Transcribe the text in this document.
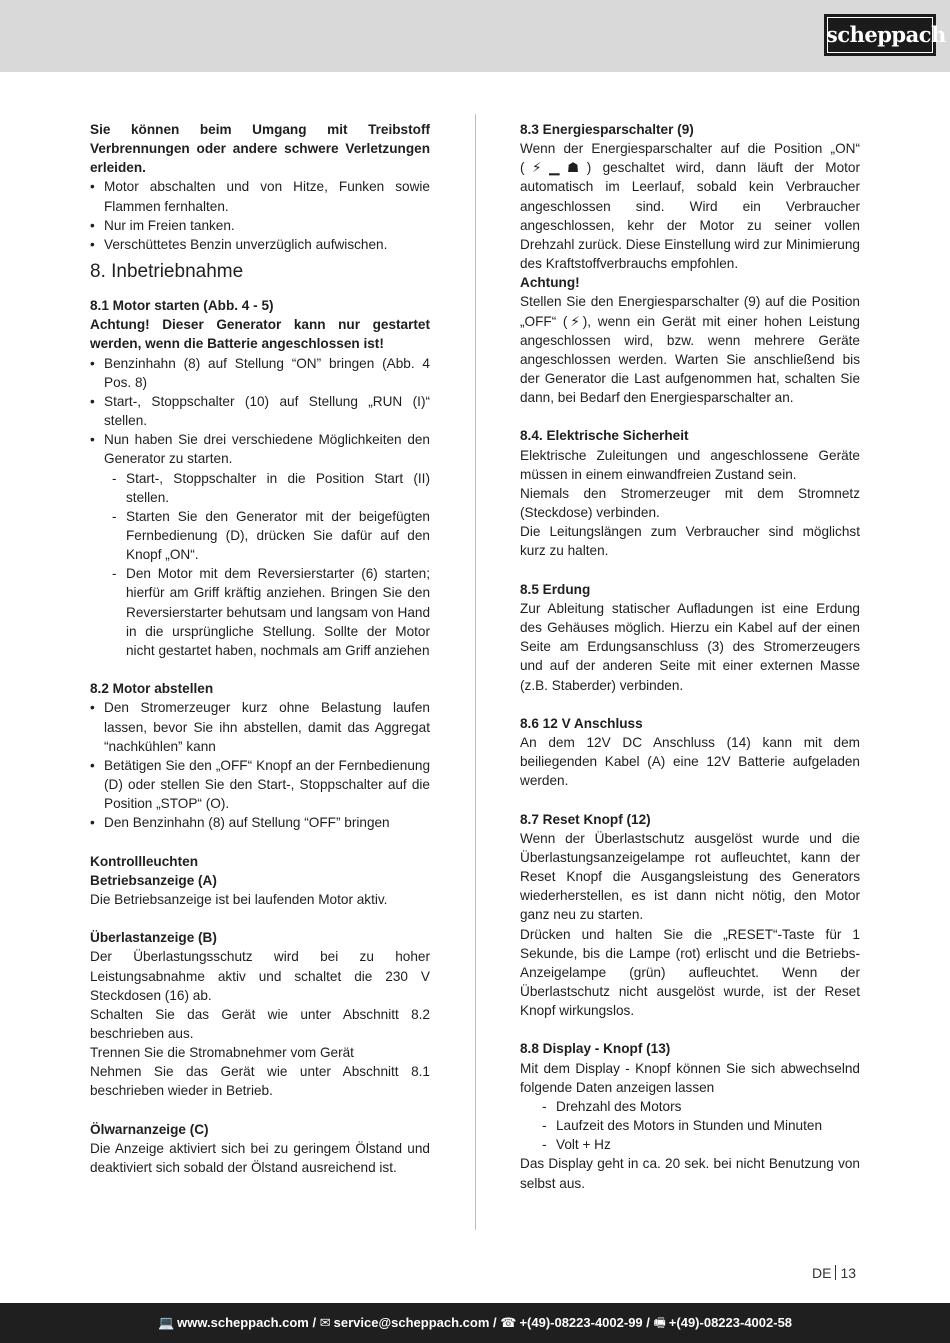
scheppach

Sie können beim Umgang mit Treibstoff Verbrennungen oder andere schwere Verletzungen erleiden.

• Motor abschalten und von Hitze, Funken sowie Flammen fernhalten.
• Nur im Freien tanken.
• Verschüttetes Benzin unverzüglich aufwischen.
8. Inbetriebnahme

8.1 Motor starten (Abb. 4 - 5)

Achtung! Dieser Generator kann nur gestartet werden, wenn die Batterie angeschlossen ist!

• Benzinhahn (8) auf Stellung “ON” bringen (Abb. 4 Pos. 8)
• Start-, Stoppschalter (10) auf Stellung „RUN (I)“ stellen.
• Nun haben Sie drei verschiedene Möglichkeiten den Generator zu starten.
- Start-, Stoppschalter in die Position Start (II) stellen.
- Starten Sie den Generator mit der beigefügten Fernbedienung (D), drücken Sie dafür auf den Knopf „ON“.
- Den Motor mit dem Reversierstarter (6) starten; hierfür am Griff kräftig anziehen. Bringen Sie den Reversierstarter behutsam und langsam von Hand in die ursprüngliche Stellung. Sollte der Motor nicht gestartet haben, nochmals am Griff anziehen

8.2 Motor abstellen

• Den Stromerzeuger kurz ohne Belastung laufen lassen, bevor Sie ihn abstellen, damit das Aggregat “nachkühlen” kann
• Betätigen Sie den „OFF“ Knopf an der Fernbedienung (D) oder stellen Sie den Start-, Stoppschalter auf die Position „STOP“ (O).
• Den Benzinhahn (8) auf Stellung “OFF” bringen

Kontrollleuchten

Betriebsanzeige (A)

Die Betriebsanzeige ist bei laufenden Motor aktiv.

Überlastanzeige (B)

Der Überlastungsschutz wird bei zu hoher Leistungsabnahme aktiv und schaltet die 230 V Steckdosen (16) ab.

Schalten Sie das Gerät wie unter Abschnitt 8.2 beschrieben aus.

Trennen Sie die Stromabnehmer vom Gerät

Nehmen Sie das Gerät wie unter Abschnitt 8.1 beschrieben wieder in Betrieb.

Ölwarnanzeige (C)

Die Anzeige aktiviert sich bei zu geringem Ölstand und deaktiviert sich sobald der Ölstand ausreichend ist.

8.3 Energiesparschalter (9)

Wenn der Energiesparschalter auf die Position „ON“ (⚡︎▁☗) geschaltet wird, dann läuft der Motor automatisch im Leerlauf, sobald kein Verbraucher angeschlossen sind. Wird ein Verbraucher angeschlossen, kehr der Motor zu seiner vollen Drehzahl zurück. Diese Einstellung wird zur Minimierung des Kraftstoffverbrauchs empfohlen.

Achtung!

Stellen Sie den Energiesparschalter (9) auf die Position „OFF“ (⚡︎), wenn ein Gerät mit einer hohen Leistung angeschlossen wird, bzw. wenn mehrere Geräte angeschlossen werden. Warten Sie anschließend bis der Generator die Last aufgenommen hat, schalten Sie dann, bei Bedarf den Energiesparschalter an.

8.4. Elektrische Sicherheit

Elektrische Zuleitungen und angeschlossene Geräte müssen in einem einwandfreien Zustand sein.

Niemals den Stromerzeuger mit dem Stromnetz (Steckdose) verbinden.

Die Leitungslängen zum Verbraucher sind möglichst kurz zu halten.

8.5 Erdung

Zur Ableitung statischer Aufladungen ist eine Erdung des Gehäuses möglich. Hierzu ein Kabel auf der einen Seite am Erdungsanschluss (3) des Stromerzeugers und auf der anderen Seite mit einer externen Masse (z.B. Staberder) verbinden.

8.6 12 V Anschluss

An dem 12V DC Anschluss (14) kann mit dem beiliegenden Kabel (A) eine 12V Batterie aufgeladen werden.

8.7 Reset Knopf (12)

Wenn der Überlastschutz ausgelöst wurde und die Überlastungsanzeigelampe rot aufleuchtet, kann der Reset Knopf die Ausgangsleistung des Generators wiederherstellen, es ist dann nicht nötig, den Motor ganz neu zu starten.

Drücken und halten Sie die „RESET“-Taste für 1 Sekunde, bis die Lampe (rot) erlischt und die Betriebs-Anzeigelampe (grün) aufleuchtet. Wenn der Überlastschutz nicht ausgelöst wurde, ist der Reset Knopf wirkungslos.

8.8 Display - Knopf (13)

Mit dem Display - Knopf können Sie sich abwechselnd folgende Daten anzeigen lassen

- Drehzahl des Motors
- Laufzeit des Motors in Stunden und Minuten
- Volt + Hz

Das Display geht in ca. 20 sek. bei nicht Benutzung von selbst aus.

DE 13
💻 www.scheppach.com / ✉ service@scheppach.com / ☎ +(49)-08223-4002-99 / 🖷 +(49)-08223-4002-58
